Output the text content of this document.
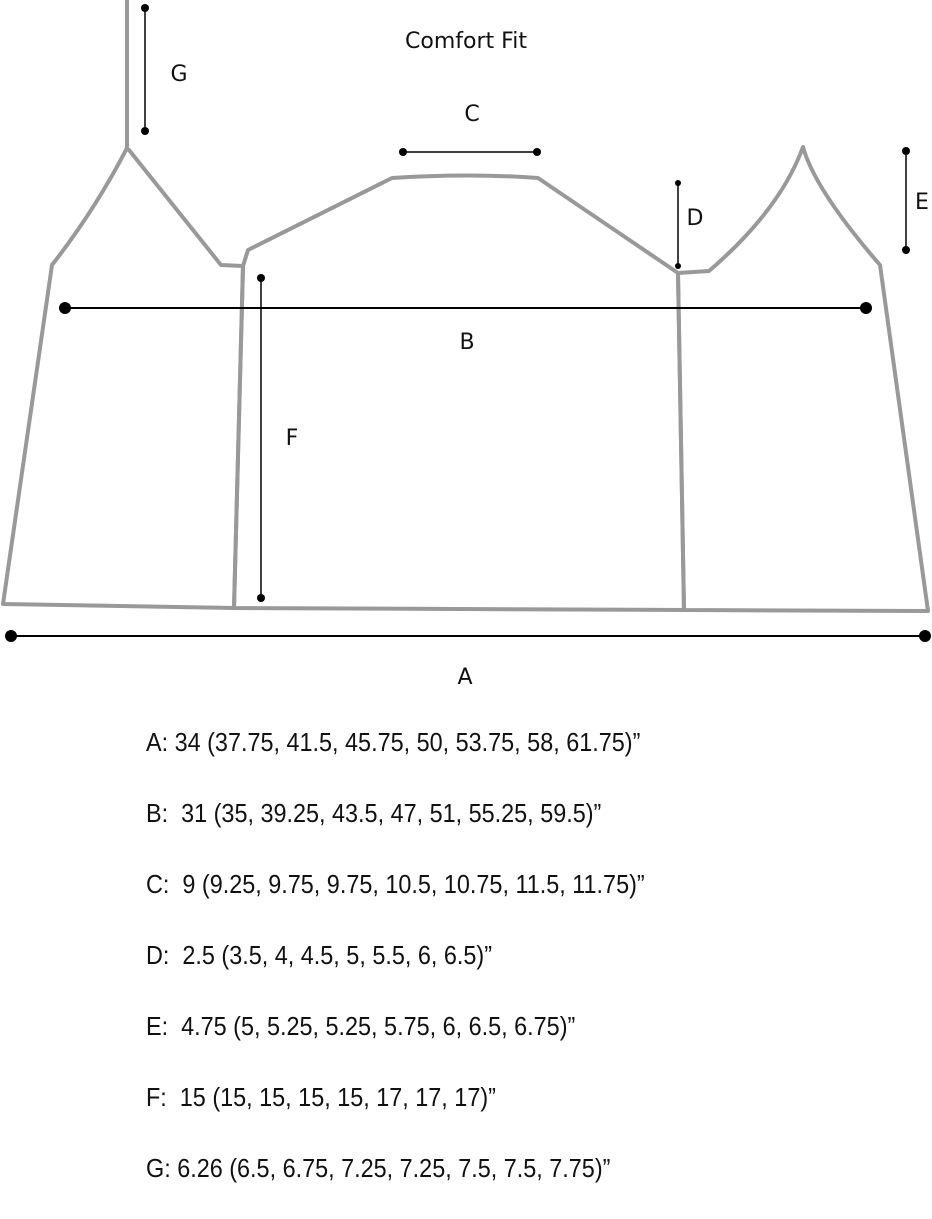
Comfort Fit
G
C
D
E
B
F
A
A: 34 (37.75, 41.5, 45.75, 50, 53.75, 58, 61.75)”
B:  31 (35, 39.25, 43.5, 47, 51, 55.25, 59.5)”
C:  9 (9.25, 9.75, 9.75, 10.5, 10.75, 11.5, 11.75)”
D:  2.5 (3.5, 4, 4.5, 5, 5.5, 6, 6.5)”
E:  4.75 (5, 5.25, 5.25, 5.75, 6, 6.5, 6.75)”
F:  15 (15, 15, 15, 15, 17, 17, 17)”
G: 6.26 (6.5, 6.75, 7.25, 7.25, 7.5, 7.5, 7.75)”
